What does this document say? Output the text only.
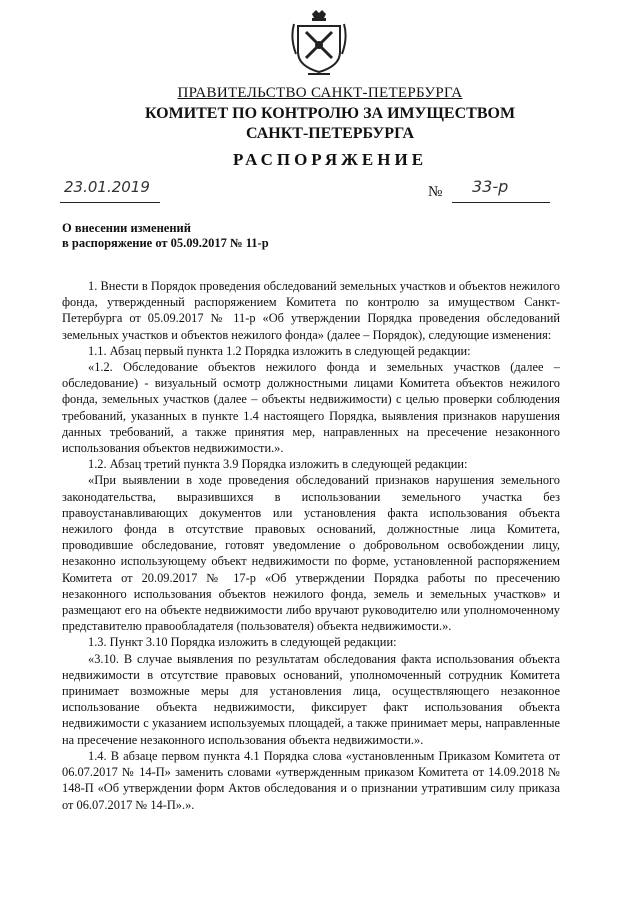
ПРАВИТЕЛЬСТВО САНКТ-ПЕТЕРБУРГА
КОМИТЕТ ПО КОНТРОЛЮ ЗА ИМУЩЕСТВОМ
САНКТ-ПЕТЕРБУРГА
РАСПОРЯЖЕНИЕ
23.01.2019	№ 33-р
О внесении изменений
в распоряжение от 05.09.2017 № 11-р

1. Внести в Порядок проведения обследований земельных участков и объектов нежилого фонда, утвержденный распоряжением Комитета по контролю за имуществом Санкт-Петербурга от 05.09.2017 № 11-р «Об утверждении Порядка проведения обследований земельных участков и объектов нежилого фонда» (далее – Порядок), следующие изменения:

1.1. Абзац первый пункта 1.2 Порядка изложить в следующей редакции:

«1.2. Обследование объектов нежилого фонда и земельных участков (далее – обследование) - визуальный осмотр должностными лицами Комитета объектов нежилого фонда, земельных участков (далее – объекты недвижимости) с целью проверки соблюдения требований, указанных в пункте 1.4 настоящего Порядка, выявления признаков нарушения данных требований, а также принятия мер, направленных на пресечение незаконного использования объектов недвижимости.».

1.2. Абзац третий пункта 3.9 Порядка изложить в следующей редакции:

«При выявлении в ходе проведения обследований признаков нарушения земельного законодательства, выразившихся в использовании земельного участка без правоустанавливающих документов или установления факта использования объекта нежилого фонда в отсутствие правовых оснований, должностные лица Комитета, проводившие обследование, готовят уведомление о добровольном освобождении лицу, незаконно использующему объект недвижимости по форме, установленной распоряжением Комитета от 20.09.2017 № 17-р «Об утверждении Порядка работы по пресечению незаконного использования объектов нежилого фонда, земель и земельных участков» и размещают его на объекте недвижимости либо вручают руководителю или уполномоченному представителю правообладателя (пользователя) объекта недвижимости.».

1.3. Пункт 3.10 Порядка изложить в следующей редакции:

«3.10. В случае выявления по результатам обследования факта использования объекта недвижимости в отсутствие правовых оснований, уполномоченный сотрудник Комитета принимает возможные меры для установления лица, осуществляющего незаконное использование объекта недвижимости, фиксирует факт использования объекта недвижимости с указанием используемых площадей, а также принимает меры, направленные на пресечение незаконного использования объекта недвижимости.».

1.4. В абзаце первом пункта 4.1 Порядка слова «установленным Приказом Комитета от 06.07.2017 № 14-П» заменить словами «утвержденным приказом Комитета от 14.09.2018 № 148-П «Об утверждении форм Актов обследования и о признании утратившим силу приказа от 06.07.2017 № 14-П».».
